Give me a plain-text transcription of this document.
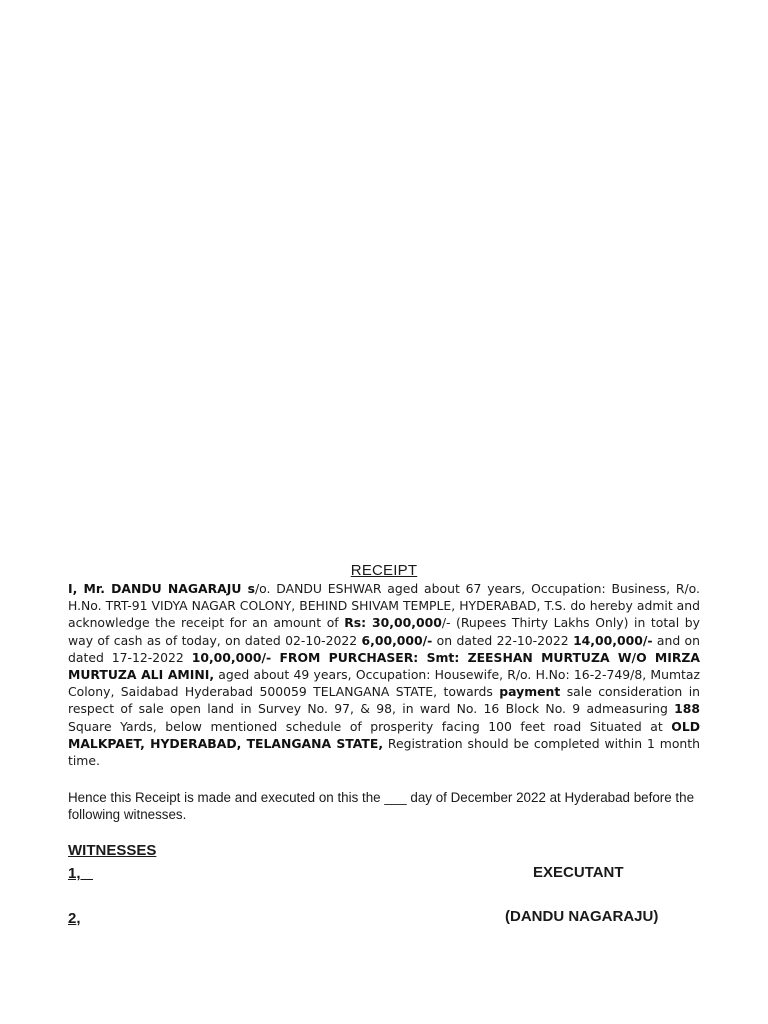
RECEIPT

I, Mr. DANDU NAGARAJU s/o. DANDU ESHWAR aged about 67 years, Occupation: Business, R/o. H.No. TRT-91 VIDYA NAGAR COLONY, BEHIND SHIVAM TEMPLE, HYDERABAD, T.S. do hereby admit and acknowledge the receipt for an amount of Rs: 30,00,000/- (Rupees Thirty Lakhs Only) in total by way of cash as of today, on dated 02-10-2022 6,00,000/- on dated 22-10-2022 14,00,000/- and on dated 17-12-2022 10,00,000/- FROM PURCHASER: Smt: ZEESHAN MURTUZA W/O MIRZA MURTUZA ALI AMINI, aged about 49 years, Occupation: Housewife, R/o. H.No: 16-2-749/8, Mumtaz Colony, Saidabad Hyderabad 500059 TELANGANA STATE, towards payment sale consideration in respect of sale open land in Survey No. 97, & 98, in ward No. 16 Block No. 9 admeasuring 188 Square Yards, below mentioned schedule of prosperity facing 100 feet road Situated at OLD MALKPAET, HYDERABAD, TELANGANA STATE, Registration should be completed within 1 month time.

Hence this Receipt is made and executed on this the ___ day of December 2022 at Hyderabad before the following witnesses.

WITNESSES
1,	EXECUTANT
2,	(DANDU NAGARAJU)
